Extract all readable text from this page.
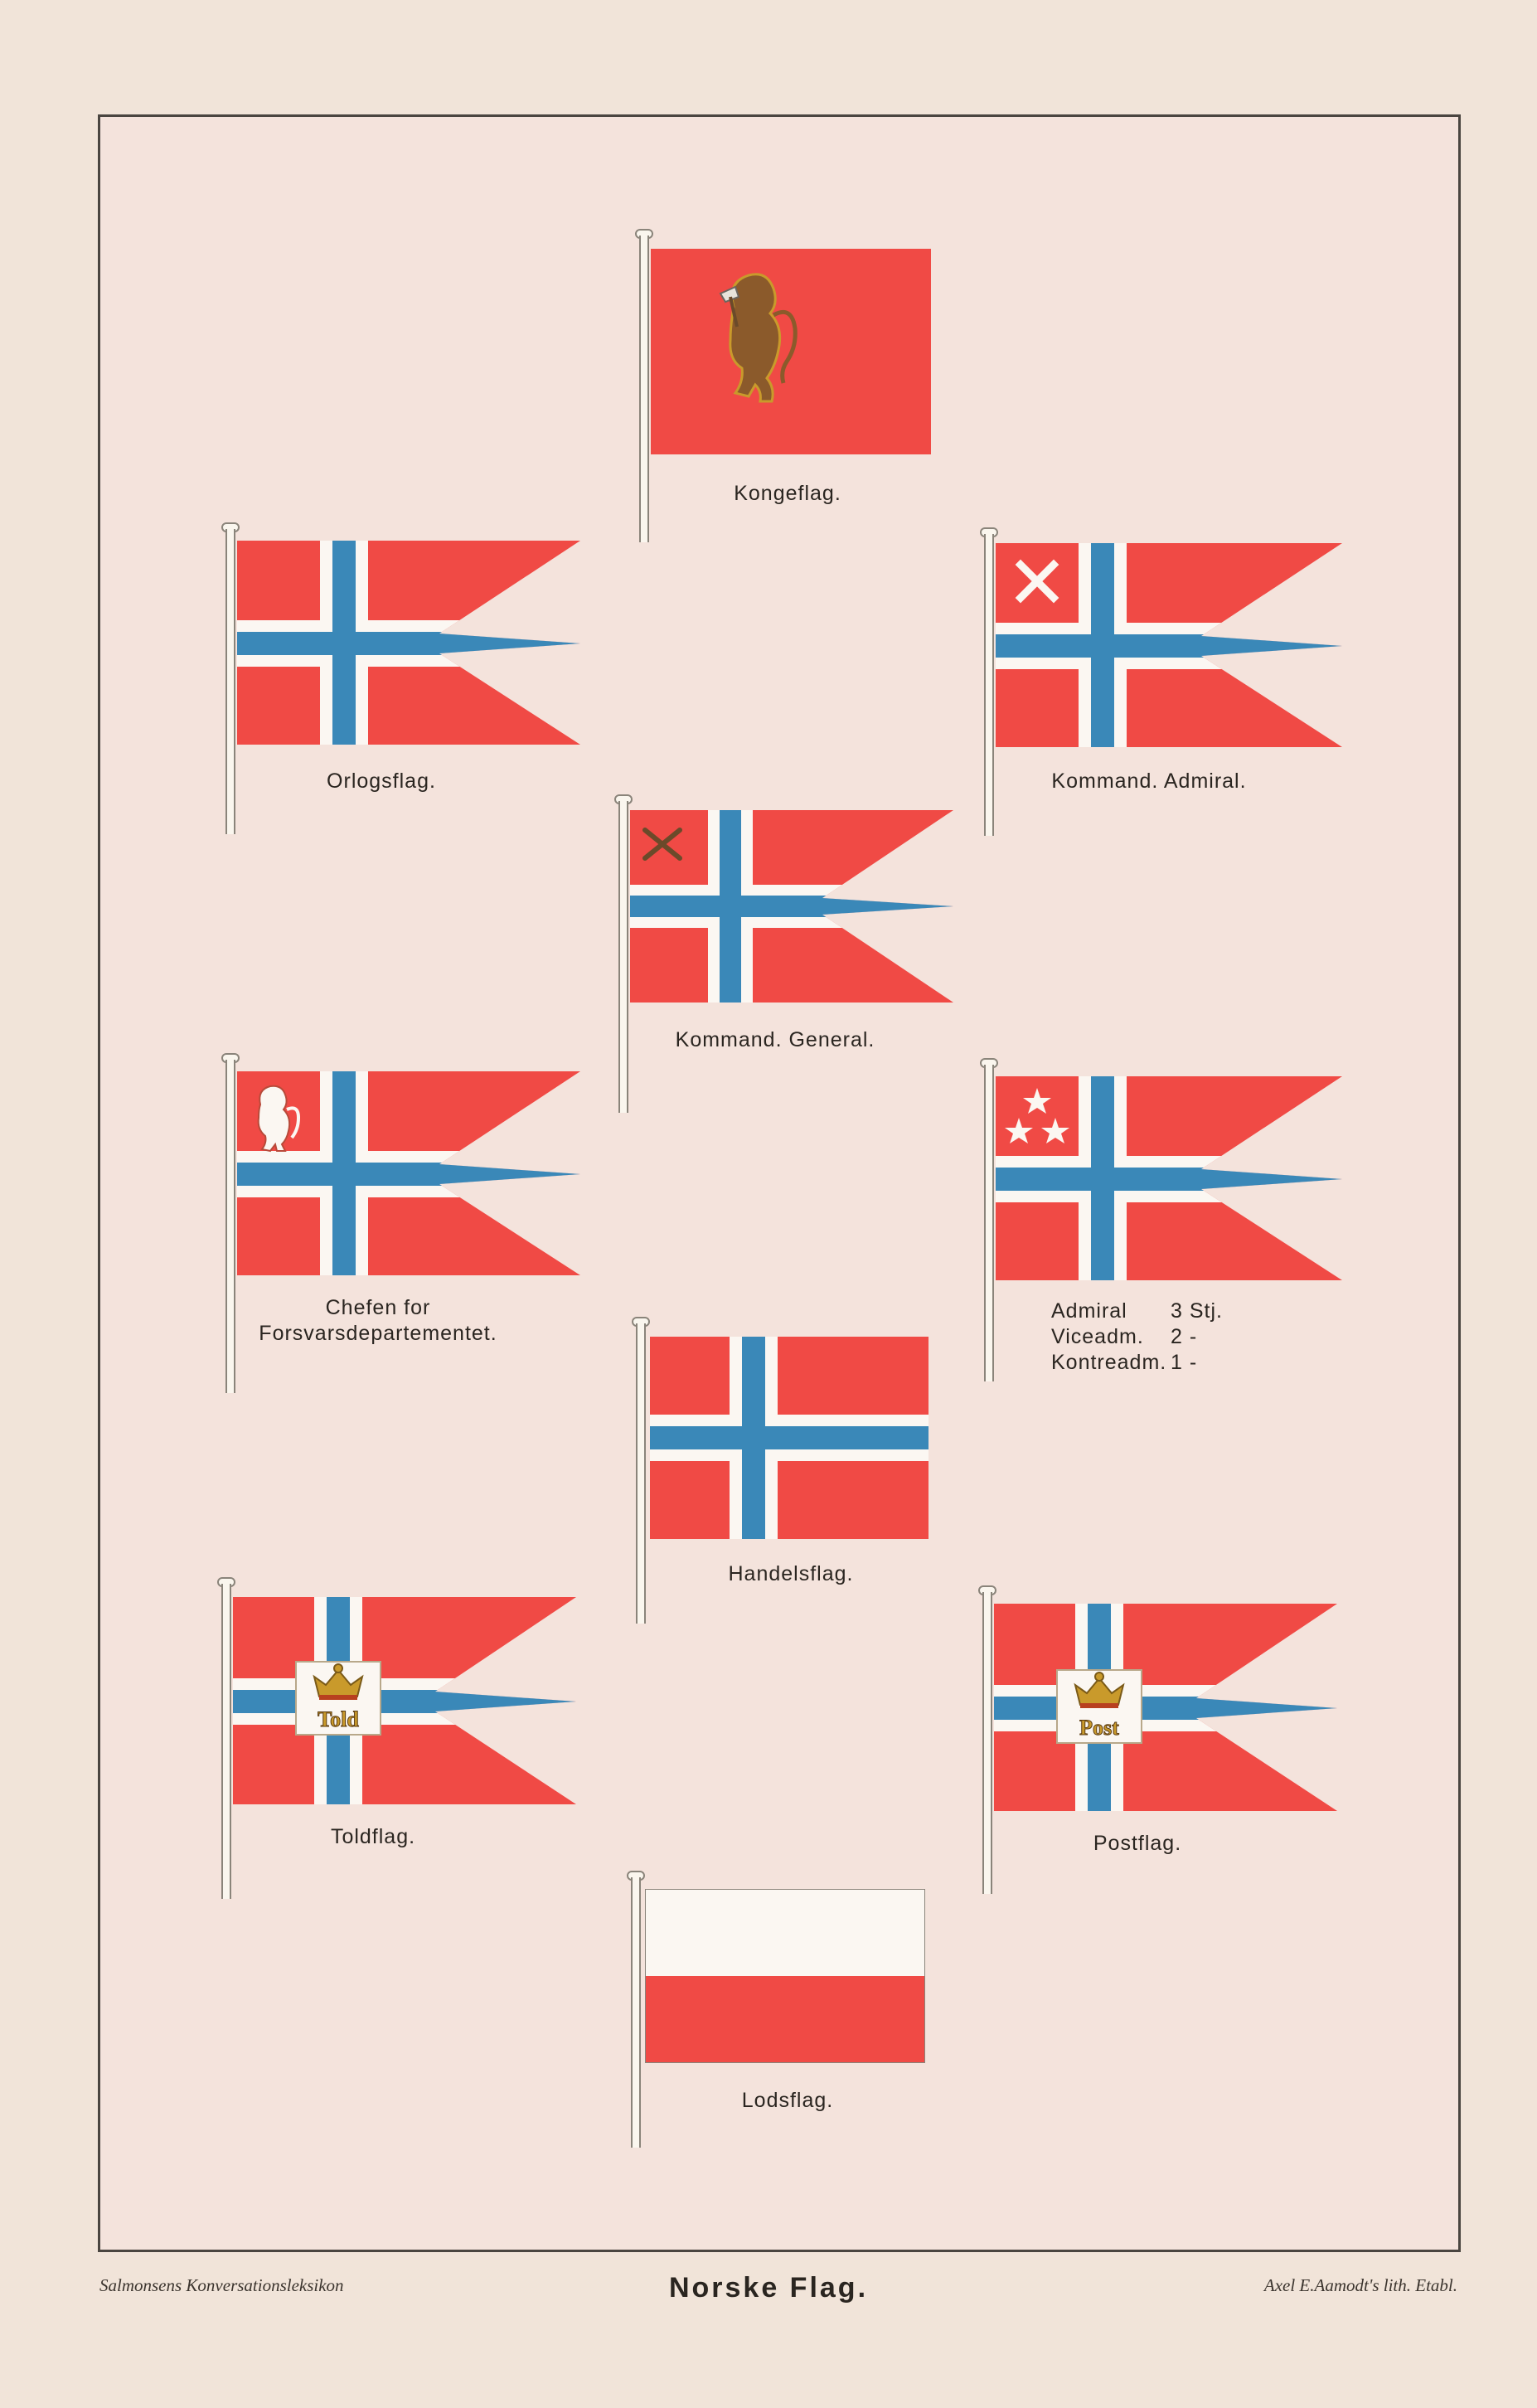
Kongeflag.
Orlogsflag.	Kommand. Admiral.
Kommand. General.
Chefen for
Forsvarsdepartementet.
Admiral	3 Stj.
Viceadm.	2 -
Kontreadm. 1 -
Handelsflag.
Told
Toldflag.
Post
Postflag.
Lodsflag.
Salmonsens Konversationsleksikon	Norske Flag.	Axel E.Aamodt's lith. Etabl.
